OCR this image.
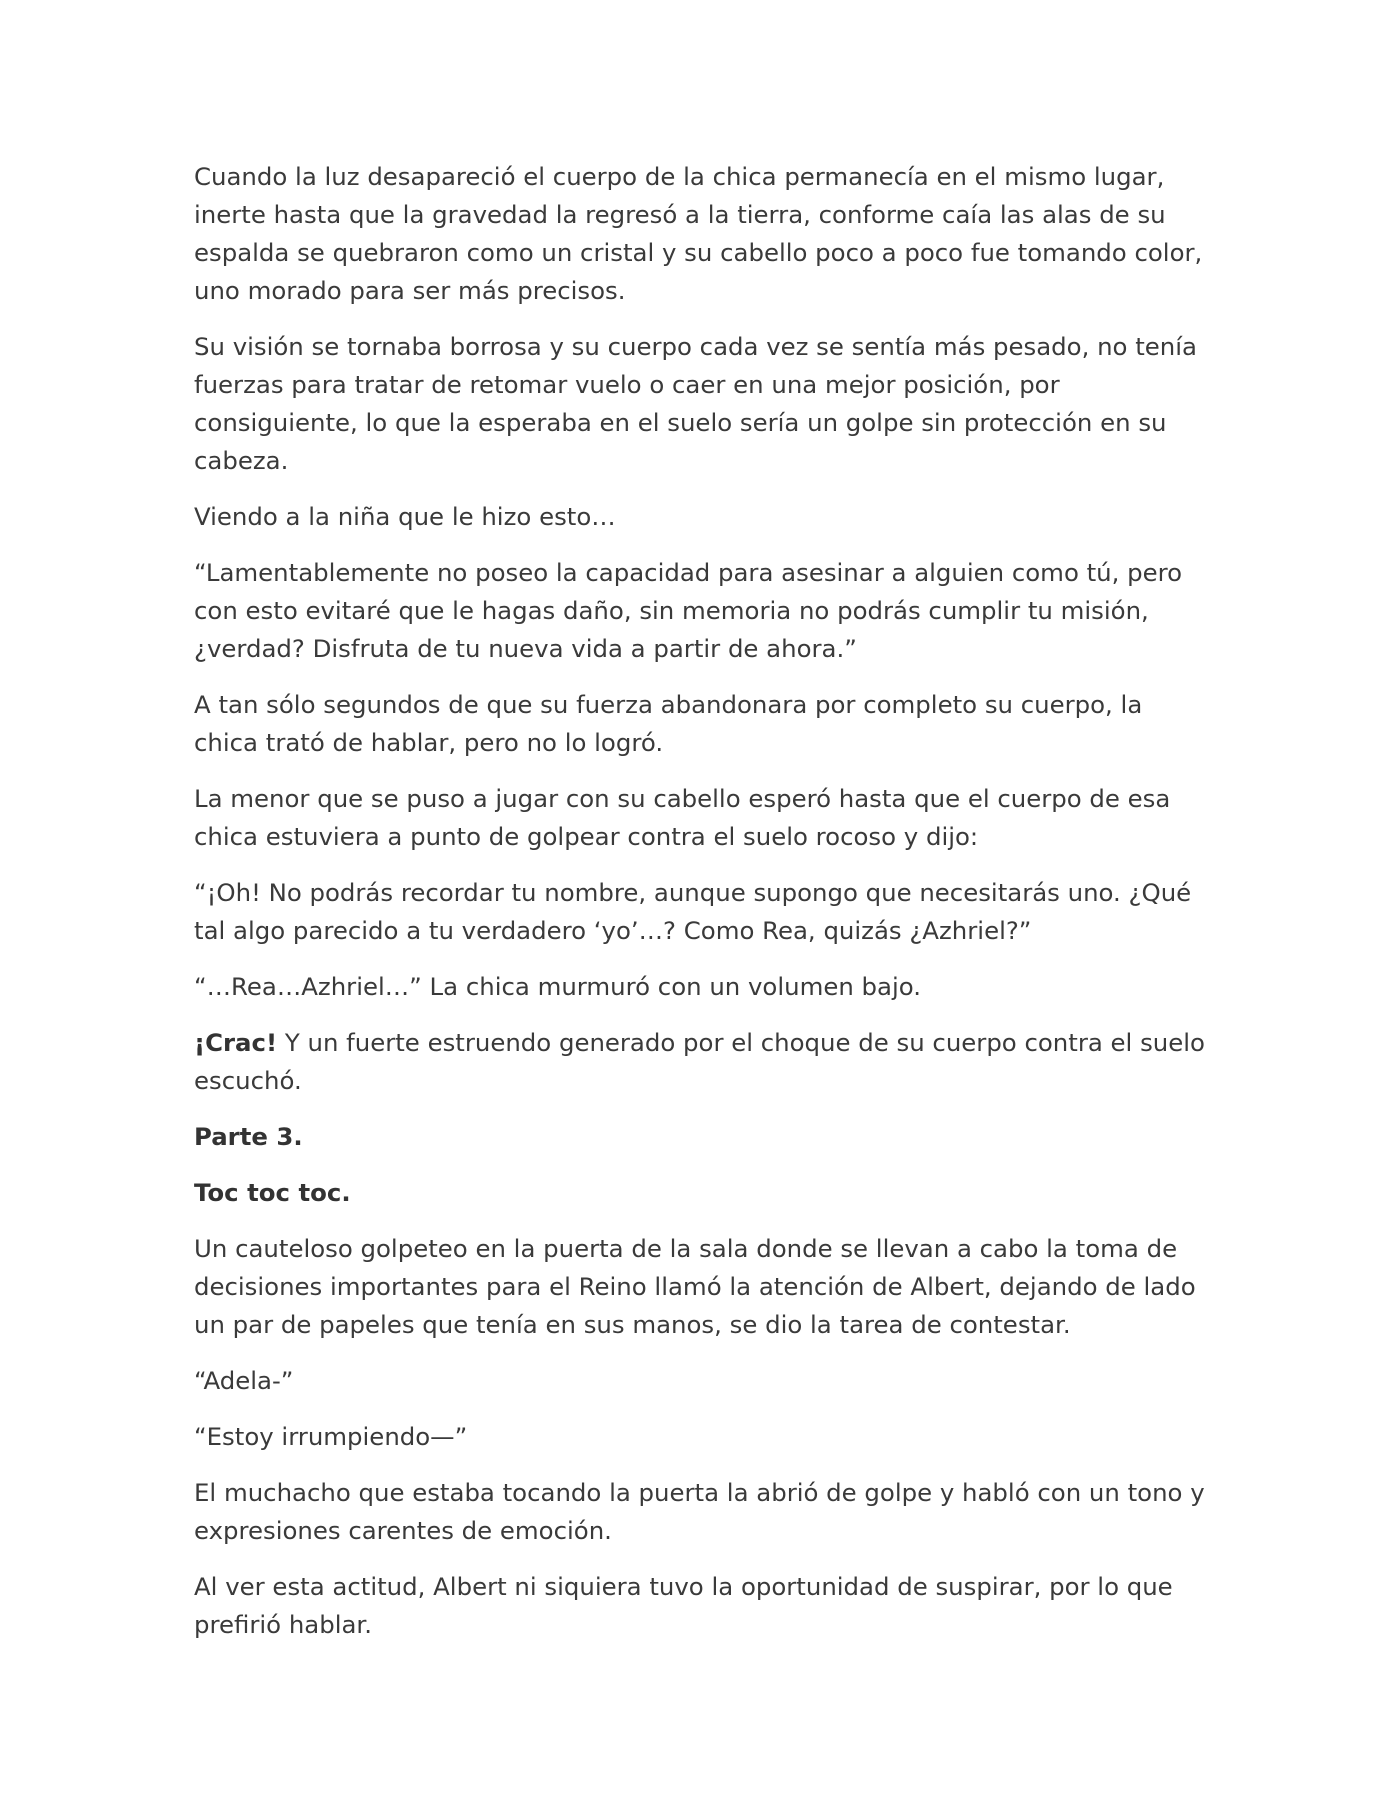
Cuando la luz desapareció el cuerpo de la chica permanecía en el mismo lugar, inerte hasta que la gravedad la regresó a la tierra, conforme caía las alas de su espalda se quebraron como un cristal y su cabello poco a poco fue tomando color, uno morado para ser más precisos.

Su visión se tornaba borrosa y su cuerpo cada vez se sentía más pesado, no tenía fuerzas para tratar de retomar vuelo o caer en una mejor posición, por consiguiente, lo que la esperaba en el suelo sería un golpe sin protección en su cabeza.

Viendo a la niña que le hizo esto…

“Lamentablemente no poseo la capacidad para asesinar a alguien como tú, pero con esto evitaré que le hagas daño, sin memoria no podrás cumplir tu misión, ¿verdad? Disfruta de tu nueva vida a partir de ahora.”

A tan sólo segundos de que su fuerza abandonara por completo su cuerpo, la chica trató de hablar, pero no lo logró.

La menor que se puso a jugar con su cabello esperó hasta que el cuerpo de esa chica estuviera a punto de golpear contra el suelo rocoso y dijo:

“¡Oh! No podrás recordar tu nombre, aunque supongo que necesitarás uno. ¿Qué tal algo parecido a tu verdadero ‘yo’…? Como Rea, quizás ¿Azhriel?”

“…Rea…Azhriel…” La chica murmuró con un volumen bajo.

¡Crac! Y un fuerte estruendo generado por el choque de su cuerpo contra el suelo escuchó.

Parte 3.

Toc toc toc.

Un cauteloso golpeteo en la puerta de la sala donde se llevan a cabo la toma de decisiones importantes para el Reino llamó la atención de Albert, dejando de lado un par de papeles que tenía en sus manos, se dio la tarea de contestar.

“Adela-”

“Estoy irrumpiendo—”

El muchacho que estaba tocando la puerta la abrió de golpe y habló con un tono y expresiones carentes de emoción.

Al ver esta actitud, Albert ni siquiera tuvo la oportunidad de suspirar, por lo que prefirió hablar.
